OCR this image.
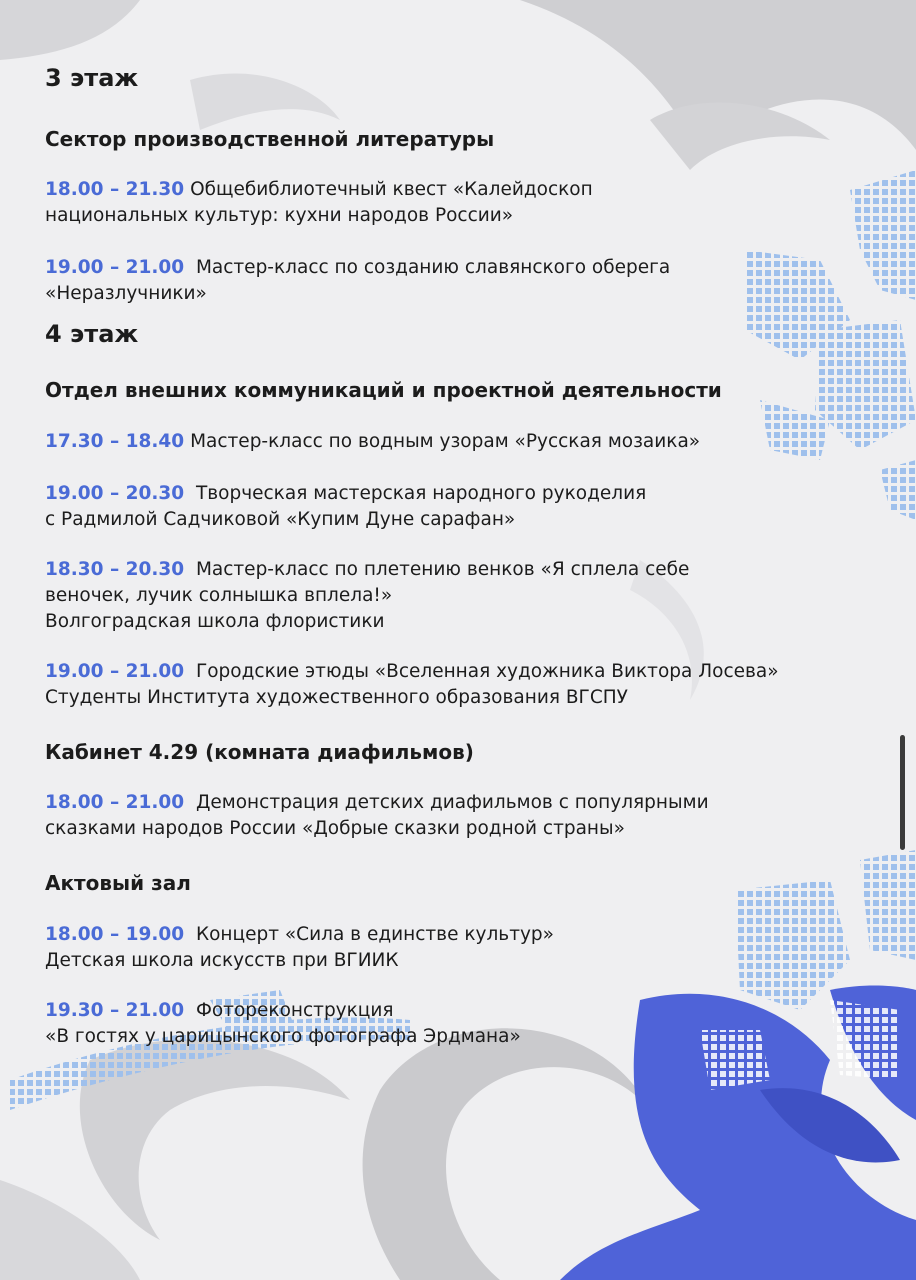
3 этаж
Сектор производственной литературы
18.00 – 21.30 Общебиблиотечный квест «Калейдоскоп
национальных культур: кухни народов России»
19.00 – 21.00 Мастер-класс по созданию славянского оберега
«Неразлучники»
4 этаж
Отдел внешних коммуникаций и проектной деятельности
17.30 – 18.40 Мастер-класс по водным узорам «Русская мозаика»
19.00 – 20.30 Творческая мастерская народного рукоделия
с Радмилой Садчиковой «Купим Дуне сарафан»
18.30 – 20.30 Мастер-класс по плетению венков «Я сплела себе
веночек, лучик солнышка вплела!»
Волгоградская школа флористики
19.00 – 21.00 Городские этюды «Вселенная художника Виктора Лосева»
Студенты Института художественного образования ВГСПУ
Кабинет 4.29 (комната диафильмов)
18.00 – 21.00 Демонстрация детских диафильмов с популярными
сказками народов России «Добрые сказки родной страны»
Актовый зал
18.00 – 19.00 Концерт «Сила в единстве культур»
Детская школа искусств при ВГИИК
19.30 – 21.00 Фотореконструкция
«В гостях у царицынского фотографа Эрдмана»
